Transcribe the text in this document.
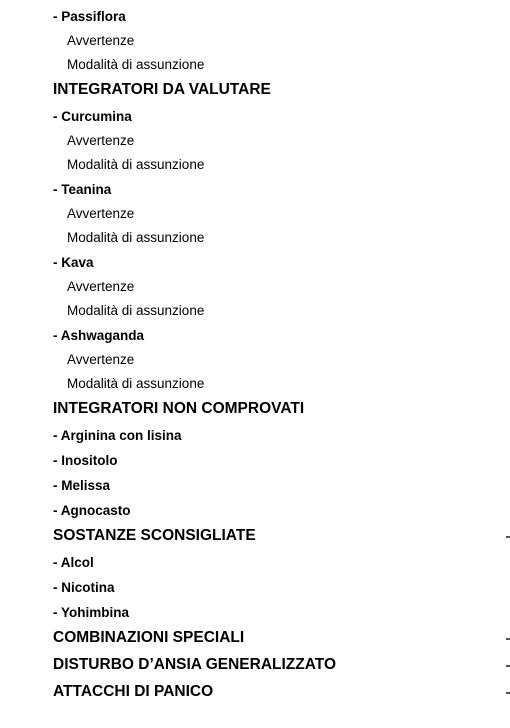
- Passiflora
Avvertenze
Modalità di assunzione
INTEGRATORI DA VALUTARE
- Curcumina
Avvertenze
Modalità di assunzione
- Teanina
Avvertenze
Modalità di assunzione
- Kava
Avvertenze
Modalità di assunzione
- Ashwaganda
Avvertenze
Modalità di assunzione
INTEGRATORI NON COMPROVATI
- Arginina con lisina
- Inositolo
- Melissa
- Agnocasto
SOSTANZE SCONSIGLIATE
- Alcol
- Nicotina
- Yohimbina
COMBINAZIONI SPECIALI
DISTURBO D’ANSIA GENERALIZZATO
ATTACCHI DI PANICO
